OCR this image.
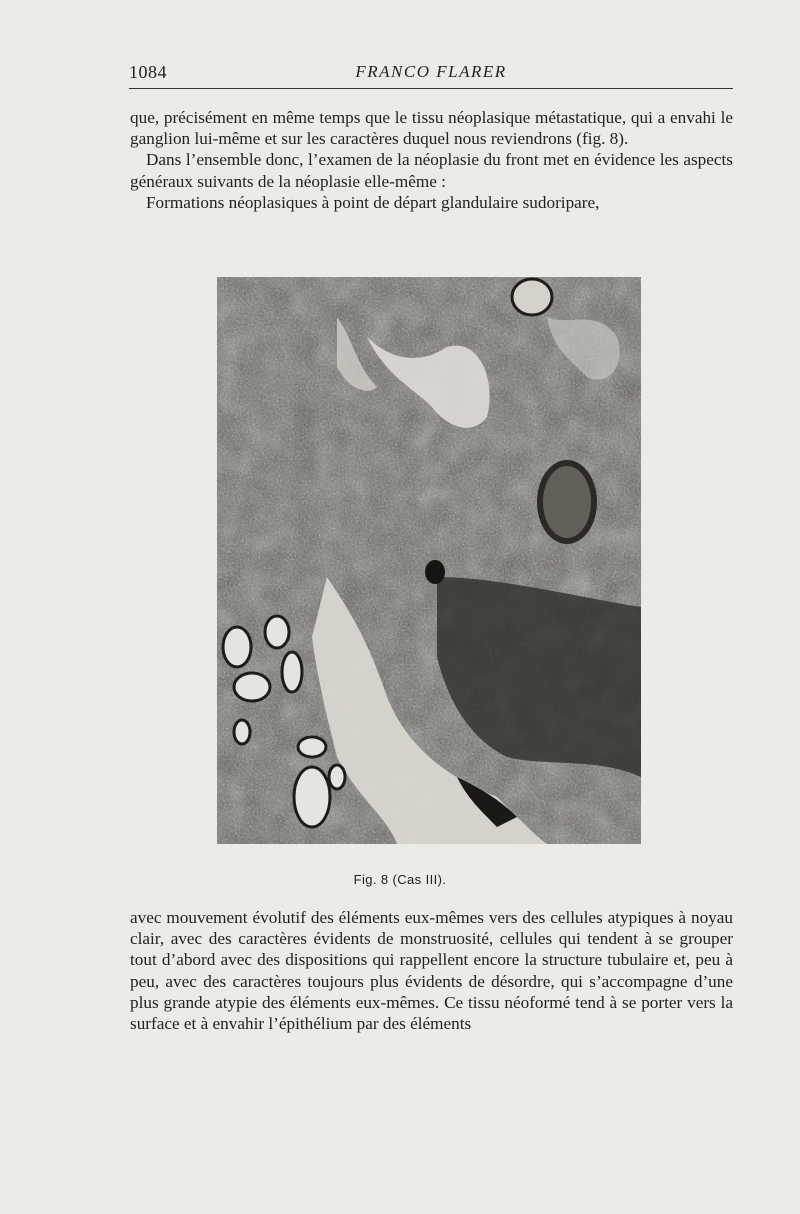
1084	FRANCO FLARER

que, précisément en même temps que le tissu néoplasique métastatique, qui a envahi le ganglion lui-même et sur les caractères duquel nous reviendrons (fig. 8).

Dans l’ensemble donc, l’examen de la néoplasie du front met en évidence les aspects généraux suivants de la néoplasie elle-même :

Formations néoplasiques à point de départ glandulaire sudoripare,

Fig. 8 (Cas III).

avec mouvement évolutif des éléments eux-mêmes vers des cellules atypiques à noyau clair, avec des caractères évidents de monstruosité, cellules qui tendent à se grouper tout d’abord avec des dispositions qui rappellent encore la structure tubulaire et, peu à peu, avec des caractères toujours plus évidents de désordre, qui s’accompagne d’une plus grande atypie des éléments eux-mêmes. Ce tissu néoformé tend à se porter vers la surface et à envahir l’épithélium par des éléments
